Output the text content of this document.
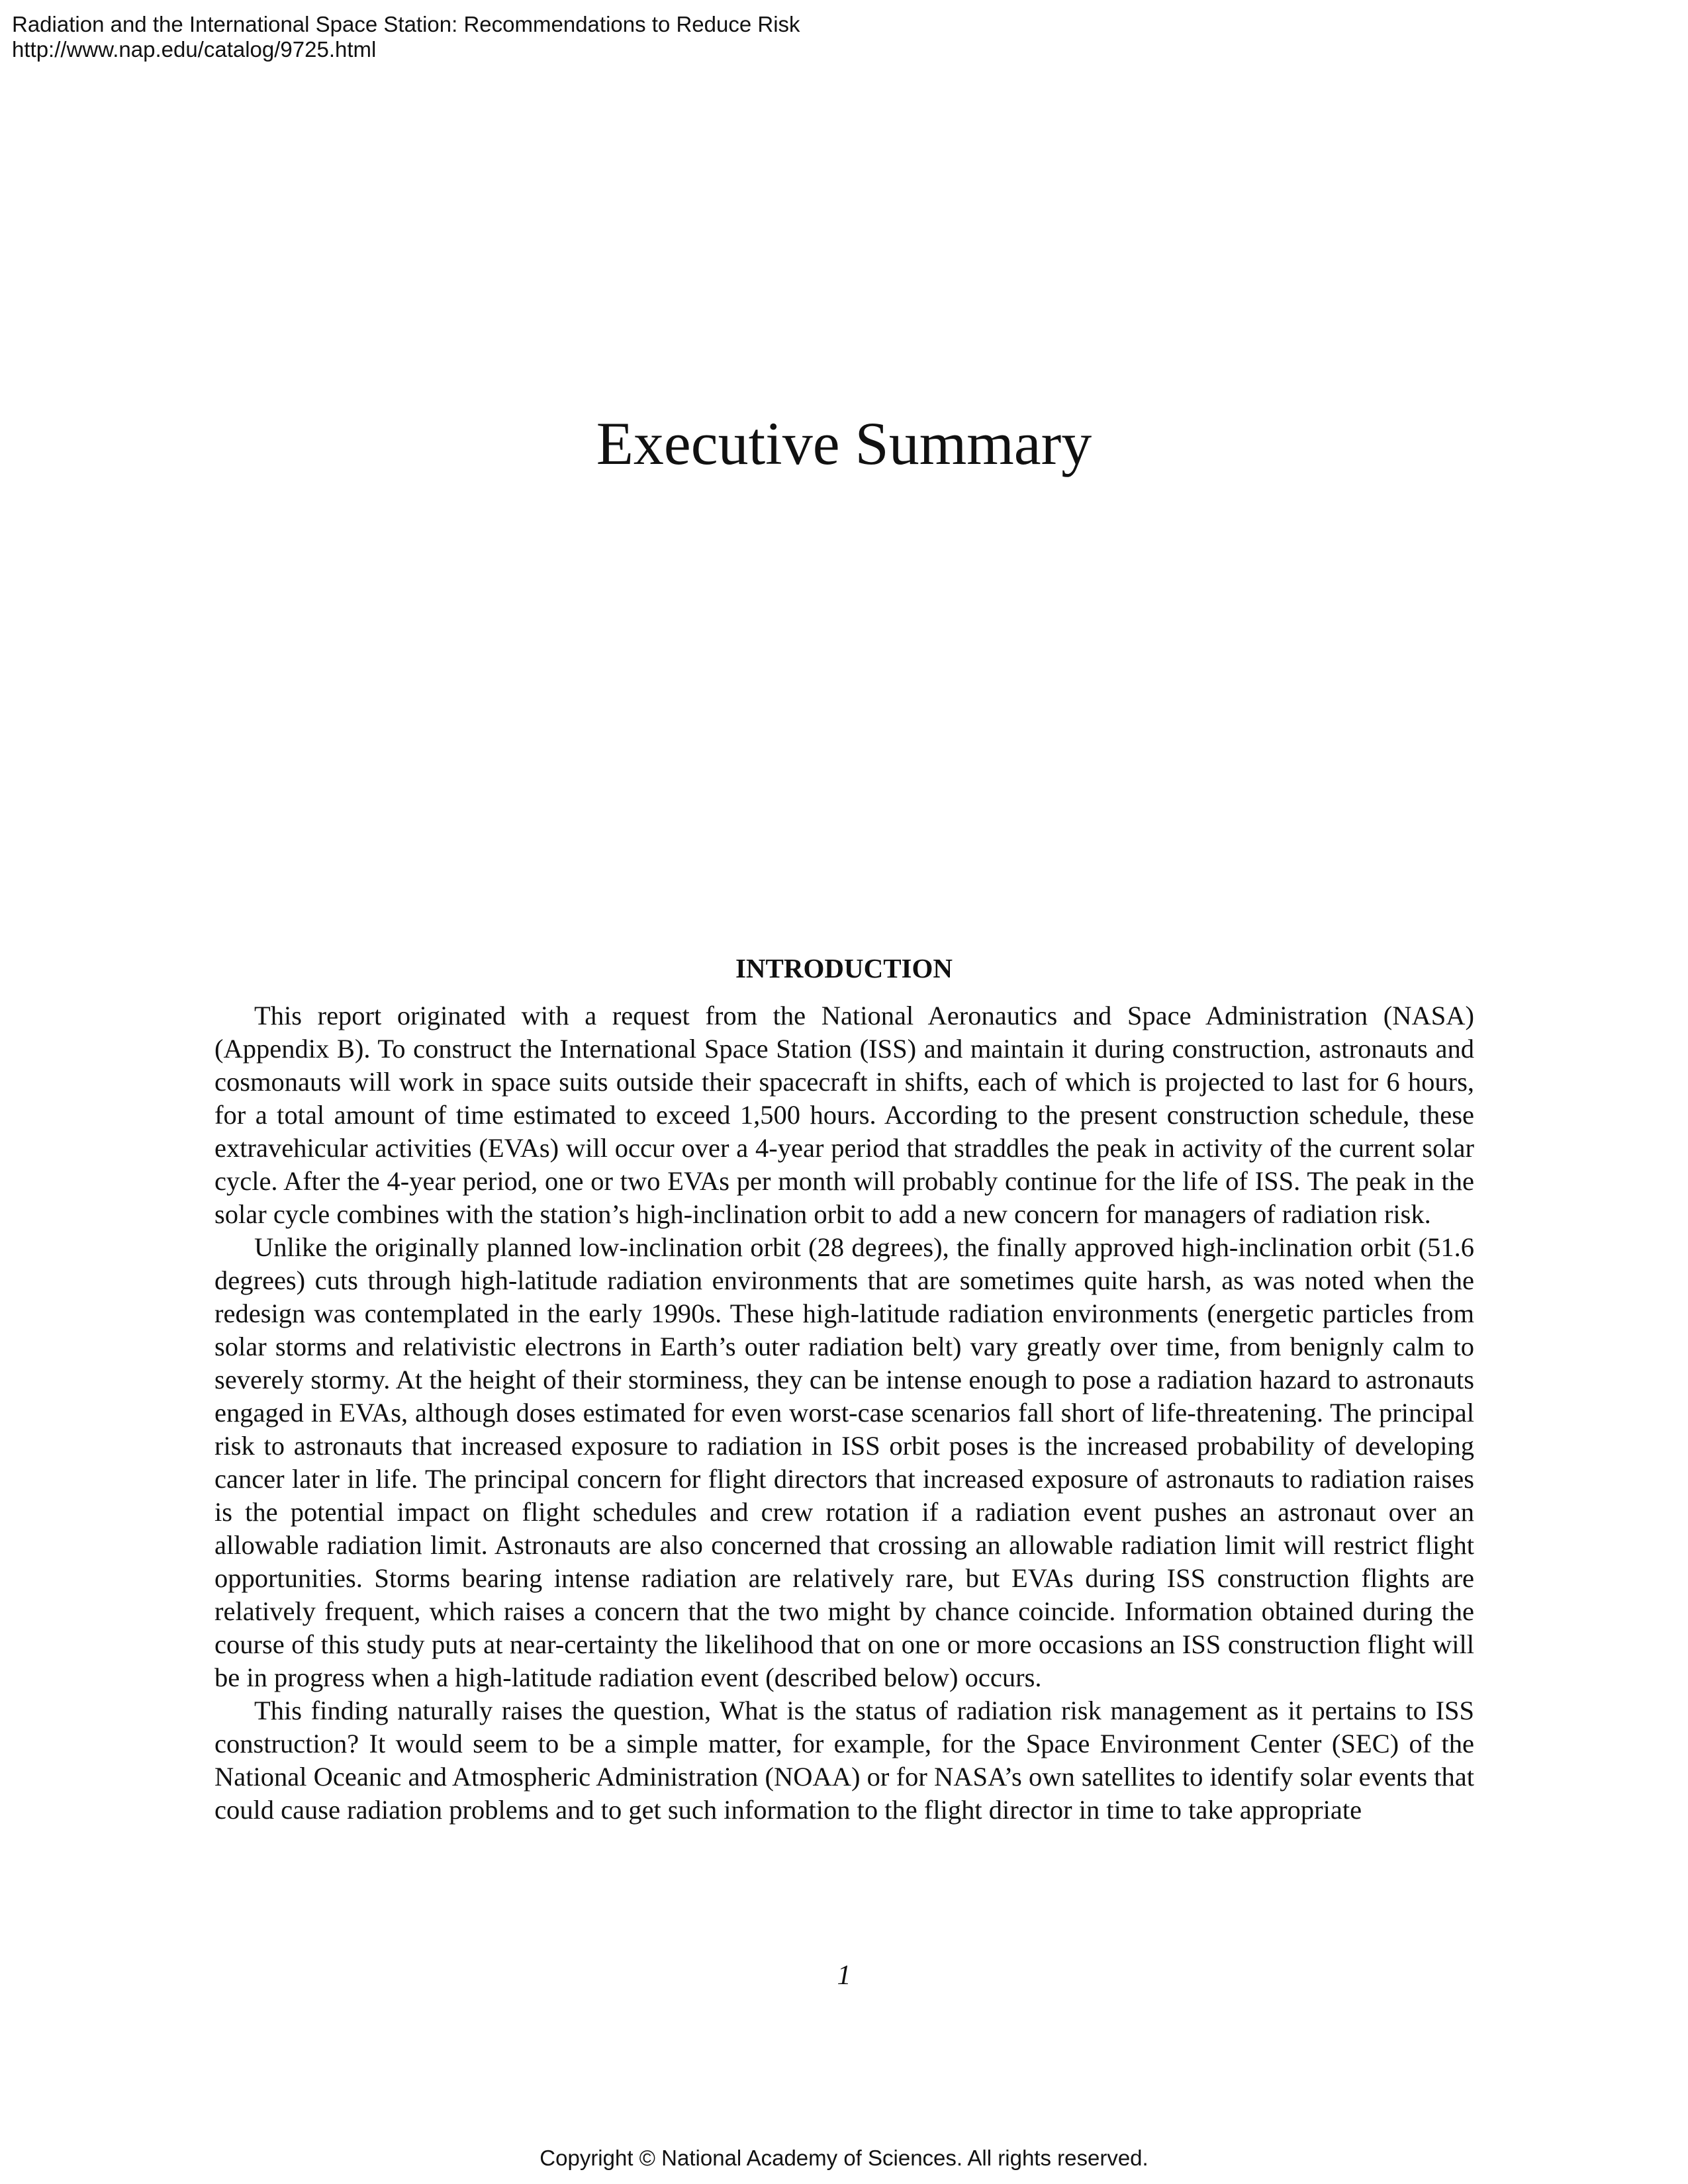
Radiation and the International Space Station: Recommendations to Reduce Risk
http://www.nap.edu/catalog/9725.html
Executive Summary
INTRODUCTION

This report originated with a request from the National Aeronautics and Space Administration (NASA) (Appendix B). To construct the International Space Station (ISS) and maintain it during construction, astronauts and cosmonauts will work in space suits outside their spacecraft in shifts, each of which is projected to last for 6 hours, for a total amount of time estimated to exceed 1,500 hours. According to the present construction schedule, these extravehicular activities (EVAs) will occur over a 4-year period that straddles the peak in activity of the current solar cycle. After the 4-year period, one or two EVAs per month will probably continue for the life of ISS. The peak in the solar cycle combines with the station’s high-inclination orbit to add a new concern for managers of radiation risk.

Unlike the originally planned low-inclination orbit (28 degrees), the finally approved high-inclination orbit (51.6 degrees) cuts through high-latitude radiation environments that are sometimes quite harsh, as was noted when the redesign was contemplated in the early 1990s. These high-latitude radiation environments (energetic particles from solar storms and relativistic electrons in Earth’s outer radiation belt) vary greatly over time, from benignly calm to severely stormy. At the height of their storminess, they can be intense enough to pose a radiation hazard to astronauts engaged in EVAs, although doses estimated for even worst-case scenarios fall short of life-threatening. The principal risk to astronauts that increased exposure to radiation in ISS orbit poses is the increased probability of developing cancer later in life. The principal concern for flight directors that increased exposure of astronauts to radiation raises is the potential impact on flight schedules and crew rotation if a radiation event pushes an astronaut over an allowable radiation limit. Astronauts are also concerned that crossing an allowable radiation limit will restrict flight opportunities. Storms bearing intense radiation are relatively rare, but EVAs during ISS construction flights are relatively frequent, which raises a concern that the two might by chance coincide. Information obtained during the course of this study puts at near-certainty the likelihood that on one or more occasions an ISS construction flight will be in progress when a high-latitude radiation event (described below) occurs.

This finding naturally raises the question, What is the status of radiation risk management as it pertains to ISS construction? It would seem to be a simple matter, for example, for the Space Environment Center (SEC) of the National Oceanic and Atmospheric Administration (NOAA) or for NASA’s own satellites to identify solar events that could cause radiation problems and to get such information to the flight director in time to take appropriate

1
Copyright © National Academy of Sciences. All rights reserved.
